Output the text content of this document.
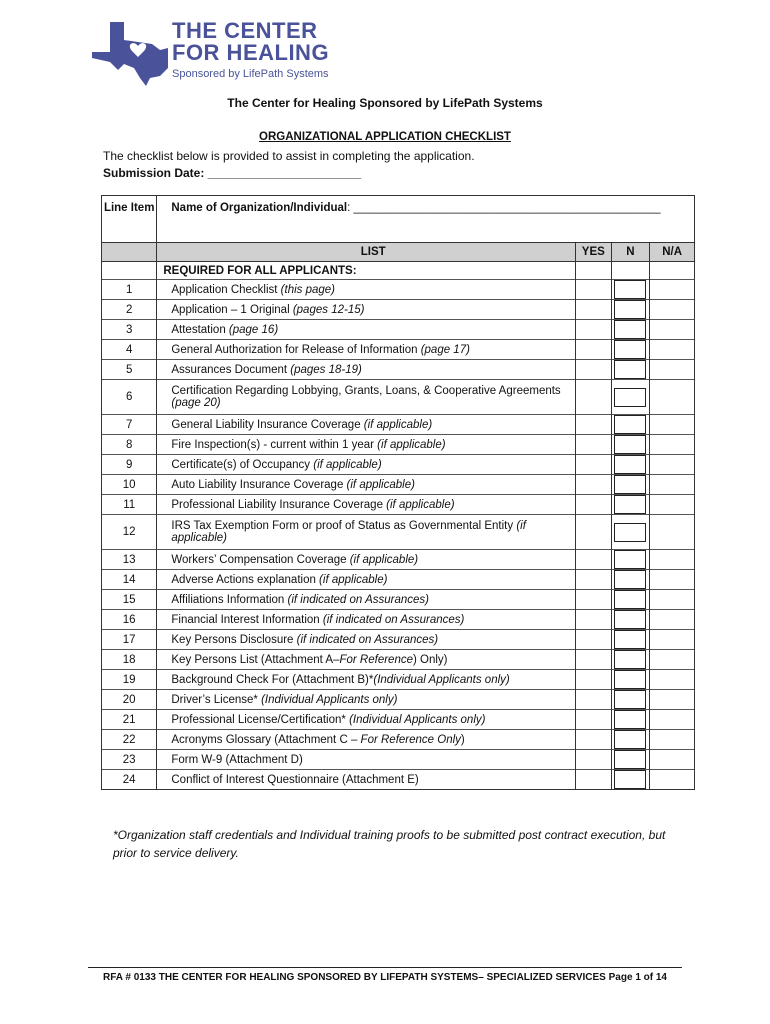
THE CENTER
FOR HEALING
Sponsored by LifePath Systems
The Center for Healing Sponsored by LifePath Systems
ORGANIZATIONAL APPLICATION CHECKLIST
The checklist below is provided to assist in completing the application.
Submission Date: _______________________
Line Item	Name of Organization/Individual: ________________________________________________			
	LIST	YES	N	N/A
	REQUIRED FOR ALL APPLICANTS:			
1	Application Checklist (this page)			
2	Application – 1 Original (pages 12-15)			
3	Attestation (page 16)			
4	General Authorization for Release of Information (page 17)			
5	Assurances Document (pages 18-19)			
6	Certification Regarding Lobbying, Grants, Loans, & Cooperative Agreements (page 20)			
7	General Liability Insurance Coverage (if applicable)			
8	Fire Inspection(s) - current within 1 year (if applicable)			
9	Certificate(s) of Occupancy (if applicable)			
10	Auto Liability Insurance Coverage (if applicable)			
11	Professional Liability Insurance Coverage (if applicable)			
12	IRS Tax Exemption Form or proof of Status as Governmental Entity (if applicable)			
13	Workers’ Compensation Coverage (if applicable)			
14	Adverse Actions explanation (if applicable)			
15	Affiliations Information (if indicated on Assurances)			
16	Financial Interest Information (if indicated on Assurances)			
17	Key Persons Disclosure (if indicated on Assurances)			
18	Key Persons List (Attachment A–For Reference) Only)			
19	Background Check For (Attachment B)*(Individual Applicants only)			
20	Driver’s License* (Individual Applicants only)			
21	Professional License/Certification* (Individual Applicants only)			
22	Acronyms Glossary (Attachment C – For Reference Only)			
23	Form W-9 (Attachment D)			
24	Conflict of Interest Questionnaire (Attachment E)			
*Organization staff credentials and Individual training proofs to be submitted post contract execution, but prior to service delivery.
RFA # 0133 THE CENTER FOR HEALING SPONSORED BY LIFEPATH SYSTEMS– SPECIALIZED SERVICES Page 1 of 14
